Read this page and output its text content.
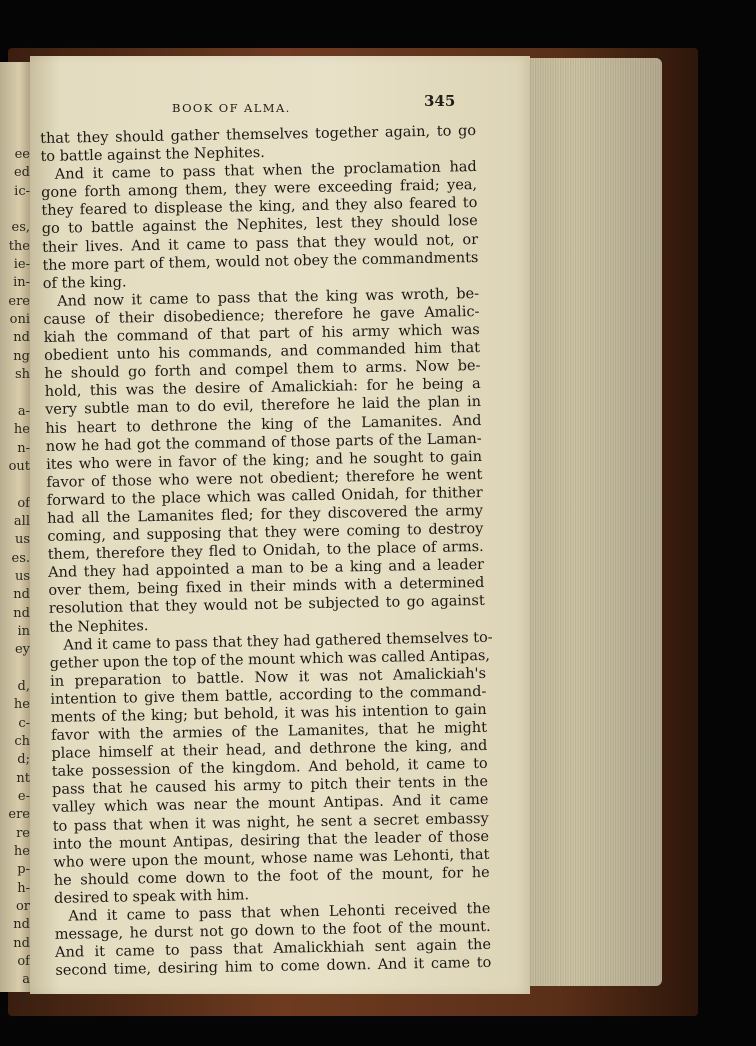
ee
ed
ic-

es,
the
ie-
in-
ere
oni
nd
ng
sh

a-
he
n-
out

of
all
us
es.
us
nd
nd
in
ey

d,
he
c-
ch
d;
nt
e-
ere
re
he
p-
h-
or
nd
nd
of
a
s.
BOOK OF ALMA.	345
that they should gather themselves together again, to go
to battle against the Nephites.
And it came to pass that when the proclamation had
gone forth among them, they were exceeding fraid; yea,
they feared to displease the king, and they also feared to
go to battle against the Nephites, lest they should lose
their lives. And it came to pass that they would not, or
the more part of them, would not obey the commandments
of the king.
And now it came to pass that the king was wroth, be-
cause of their disobedience; therefore he gave Amalic-
kiah the command of that part of his army which was
obedient unto his commands, and commanded him that
he should go forth and compel them to arms. Now be-
hold, this was the desire of Amalickiah: for he being a
very subtle man to do evil, therefore he laid the plan in
his heart to dethrone the king of the Lamanites. And
now he had got the command of those parts of the Laman-
ites who were in favor of the king; and he sought to gain
favor of those who were not obedient; therefore he went
forward to the place which was called Onidah, for thither
had all the Lamanites fled; for they discovered the army
coming, and supposing that they were coming to destroy
them, therefore they fled to Onidah, to the place of arms.
And they had appointed a man to be a king and a leader
over them, being fixed in their minds with a determined
resolution that they would not be subjected to go against
the Nephites.
And it came to pass that they had gathered themselves to-
gether upon the top of the mount which was called Antipas,
in preparation to battle. Now it was not Amalickiah's
intention to give them battle, according to the command-
ments of the king; but behold, it was his intention to gain
favor with the armies of the Lamanites, that he might
place himself at their head, and dethrone the king, and
take possession of the kingdom. And behold, it came to
pass that he caused his army to pitch their tents in the
valley which was near the mount Antipas. And it came
to pass that when it was night, he sent a secret embassy
into the mount Antipas, desiring that the leader of those
who were upon the mount, whose name was Lehonti, that
he should come down to the foot of the mount, for he
desired to speak with him.
And it came to pass that when Lehonti received the
message, he durst not go down to the foot of the mount.
And it came to pass that Amalickhiah sent again the
second time, desiring him to come down. And it came to
